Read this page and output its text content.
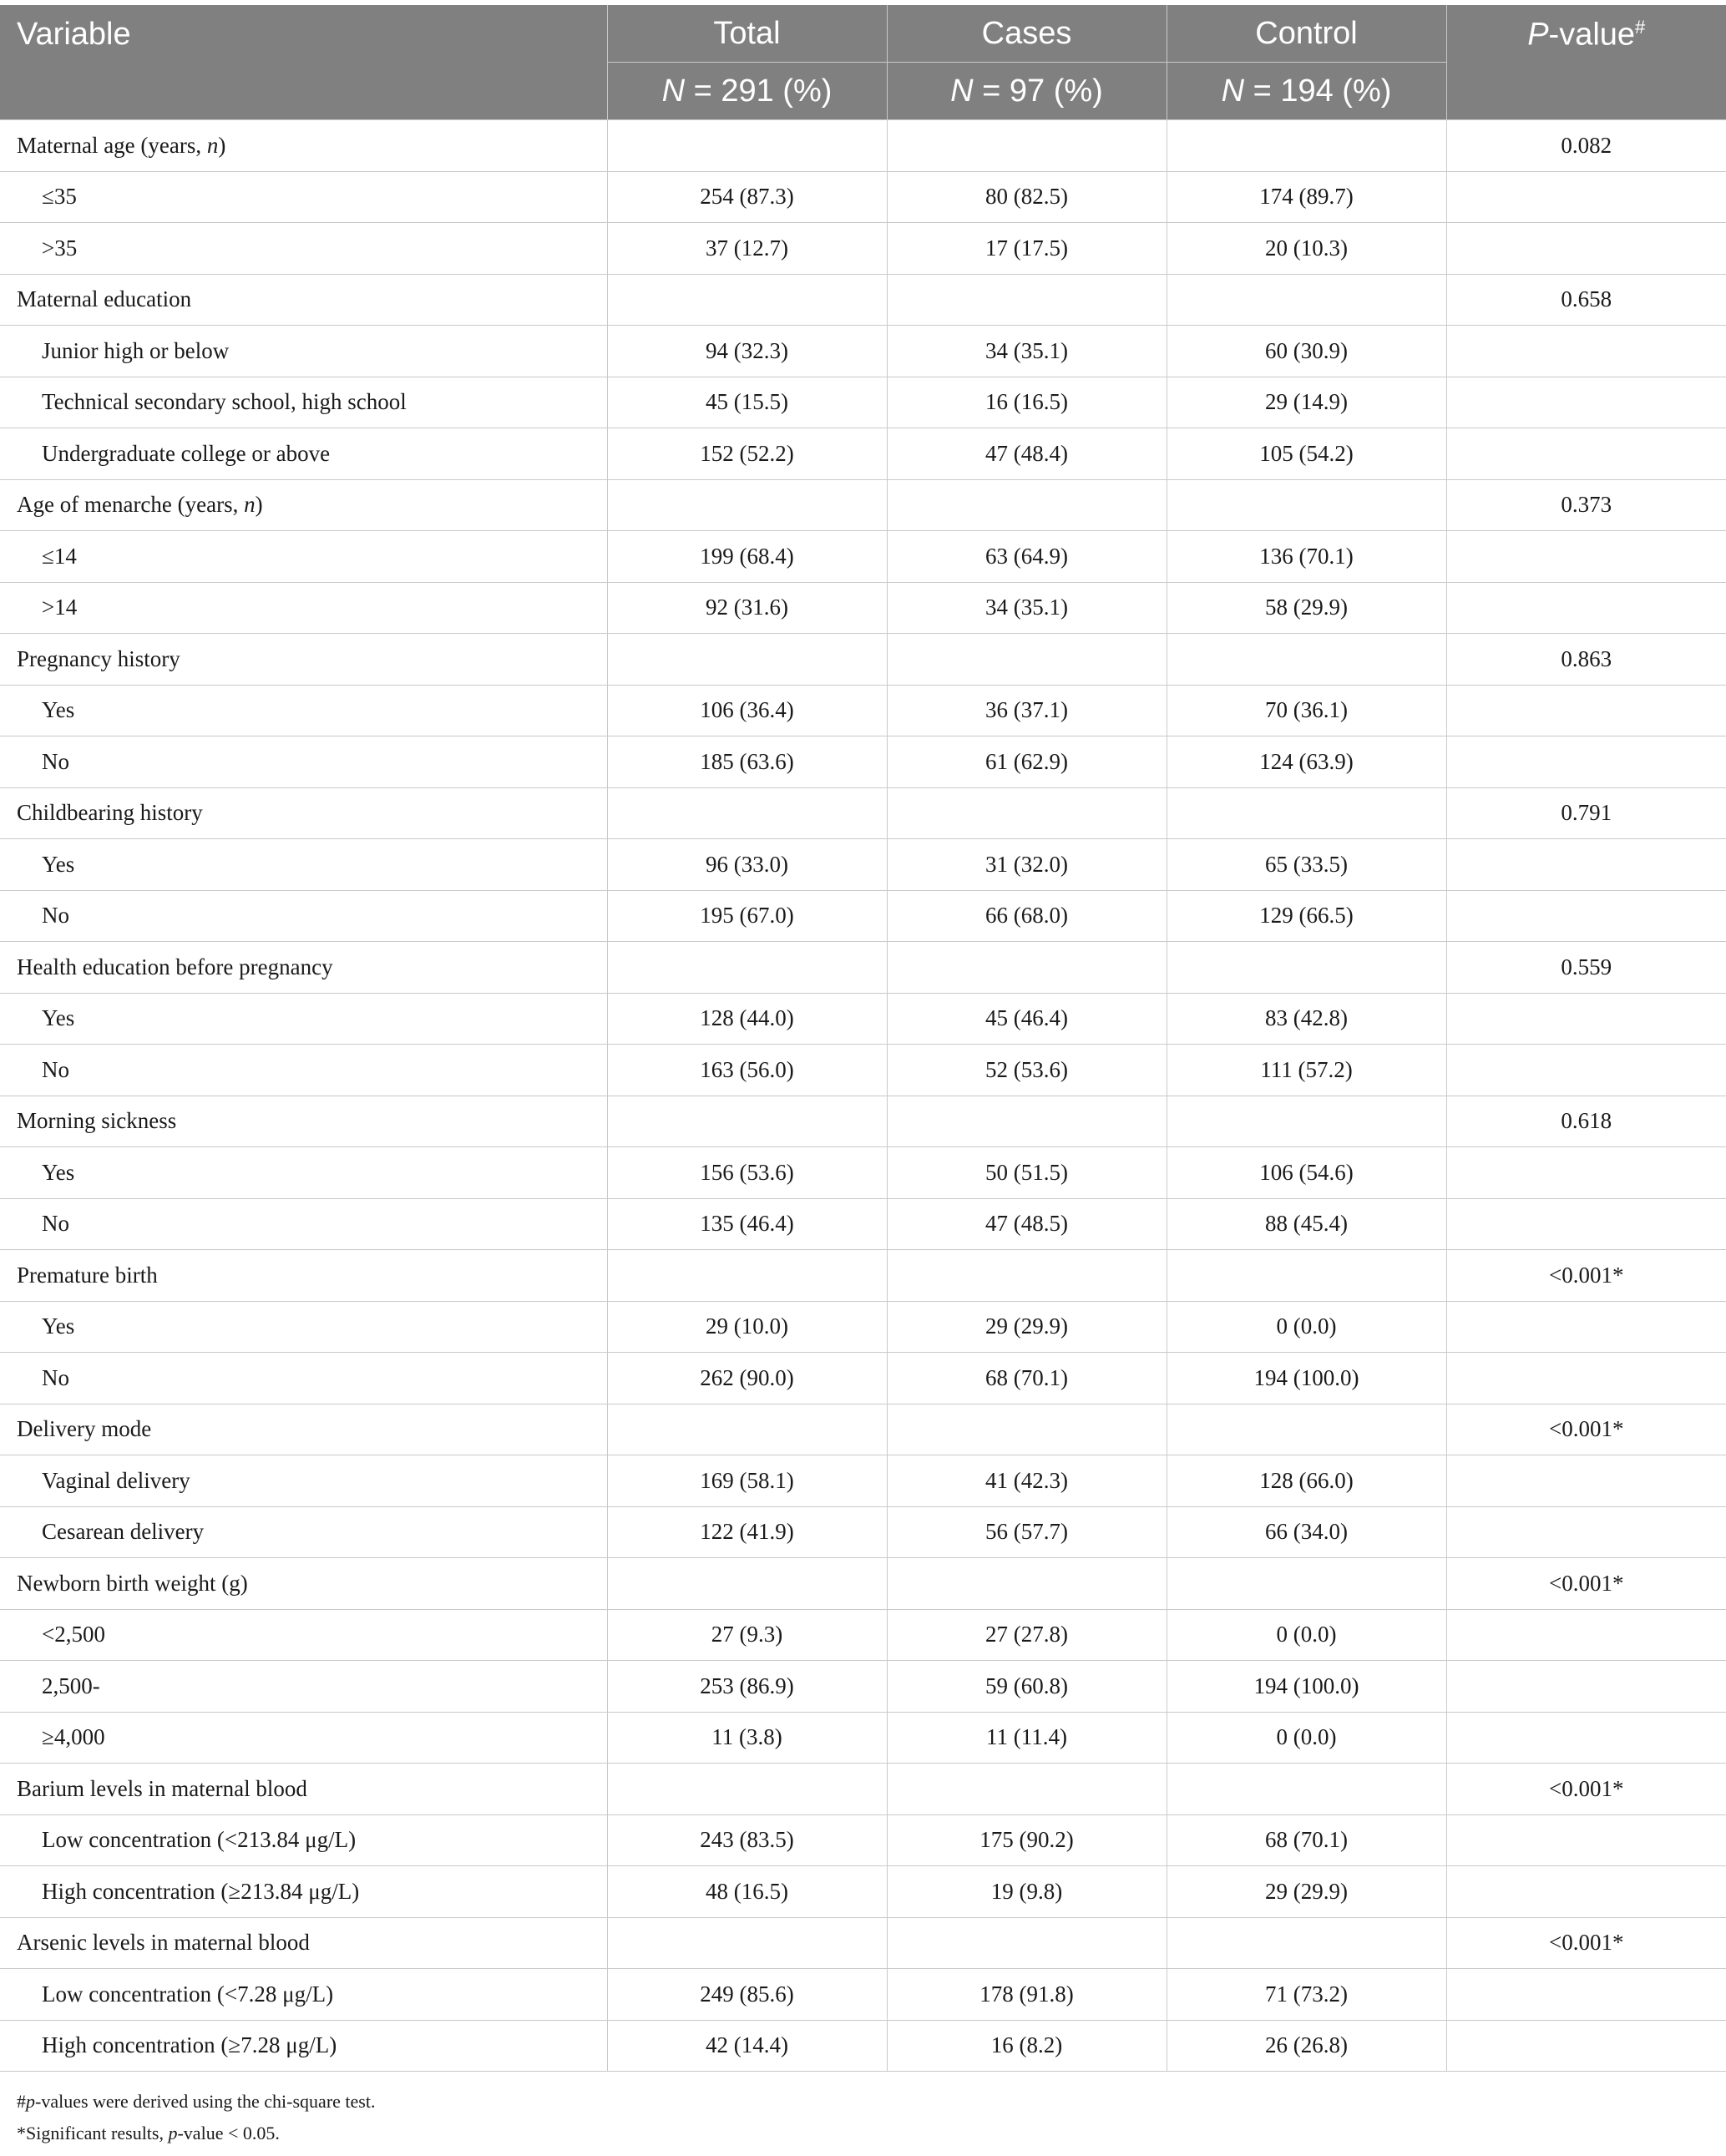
Variable	Total	Cases	Control	P-value#
	N = 291 (%)	N = 97 (%)	N = 194 (%)	
Maternal age (years, n)				0.082
≤35	254 (87.3)	80 (82.5)	174 (89.7)	
>35	37 (12.7)	17 (17.5)	20 (10.3)	
Maternal education				0.658
Junior high or below	94 (32.3)	34 (35.1)	60 (30.9)	
Technical secondary school, high school	45 (15.5)	16 (16.5)	29 (14.9)	
Undergraduate college or above	152 (52.2)	47 (48.4)	105 (54.2)	
Age of menarche (years, n)				0.373
≤14	199 (68.4)	63 (64.9)	136 (70.1)	
>14	92 (31.6)	34 (35.1)	58 (29.9)	
Pregnancy history				0.863
Yes	106 (36.4)	36 (37.1)	70 (36.1)	
No	185 (63.6)	61 (62.9)	124 (63.9)	
Childbearing history				0.791
Yes	96 (33.0)	31 (32.0)	65 (33.5)	
No	195 (67.0)	66 (68.0)	129 (66.5)	
Health education before pregnancy				0.559
Yes	128 (44.0)	45 (46.4)	83 (42.8)	
No	163 (56.0)	52 (53.6)	111 (57.2)	
Morning sickness				0.618
Yes	156 (53.6)	50 (51.5)	106 (54.6)	
No	135 (46.4)	47 (48.5)	88 (45.4)	
Premature birth				<0.001*
Yes	29 (10.0)	29 (29.9)	0 (0.0)	
No	262 (90.0)	68 (70.1)	194 (100.0)	
Delivery mode				<0.001*
Vaginal delivery	169 (58.1)	41 (42.3)	128 (66.0)	
Cesarean delivery	122 (41.9)	56 (57.7)	66 (34.0)	
Newborn birth weight (g)				<0.001*
<2,500	27 (9.3)	27 (27.8)	0 (0.0)	
2,500-	253 (86.9)	59 (60.8)	194 (100.0)	
≥4,000	11 (3.8)	11 (11.4)	0 (0.0)	
Barium levels in maternal blood				<0.001*
Low concentration (<213.84 μg/L)	243 (83.5)	175 (90.2)	68 (70.1)	
High concentration (≥213.84 μg/L)	48 (16.5)	19 (9.8)	29 (29.9)	
Arsenic levels in maternal blood				<0.001*
Low concentration (<7.28 μg/L)	249 (85.6)	178 (91.8)	71 (73.2)	
High concentration (≥7.28 μg/L)	42 (14.4)	16 (8.2)	26 (26.8)	
#p-values were derived using the chi-square test.
*Significant results, p-value < 0.05.
